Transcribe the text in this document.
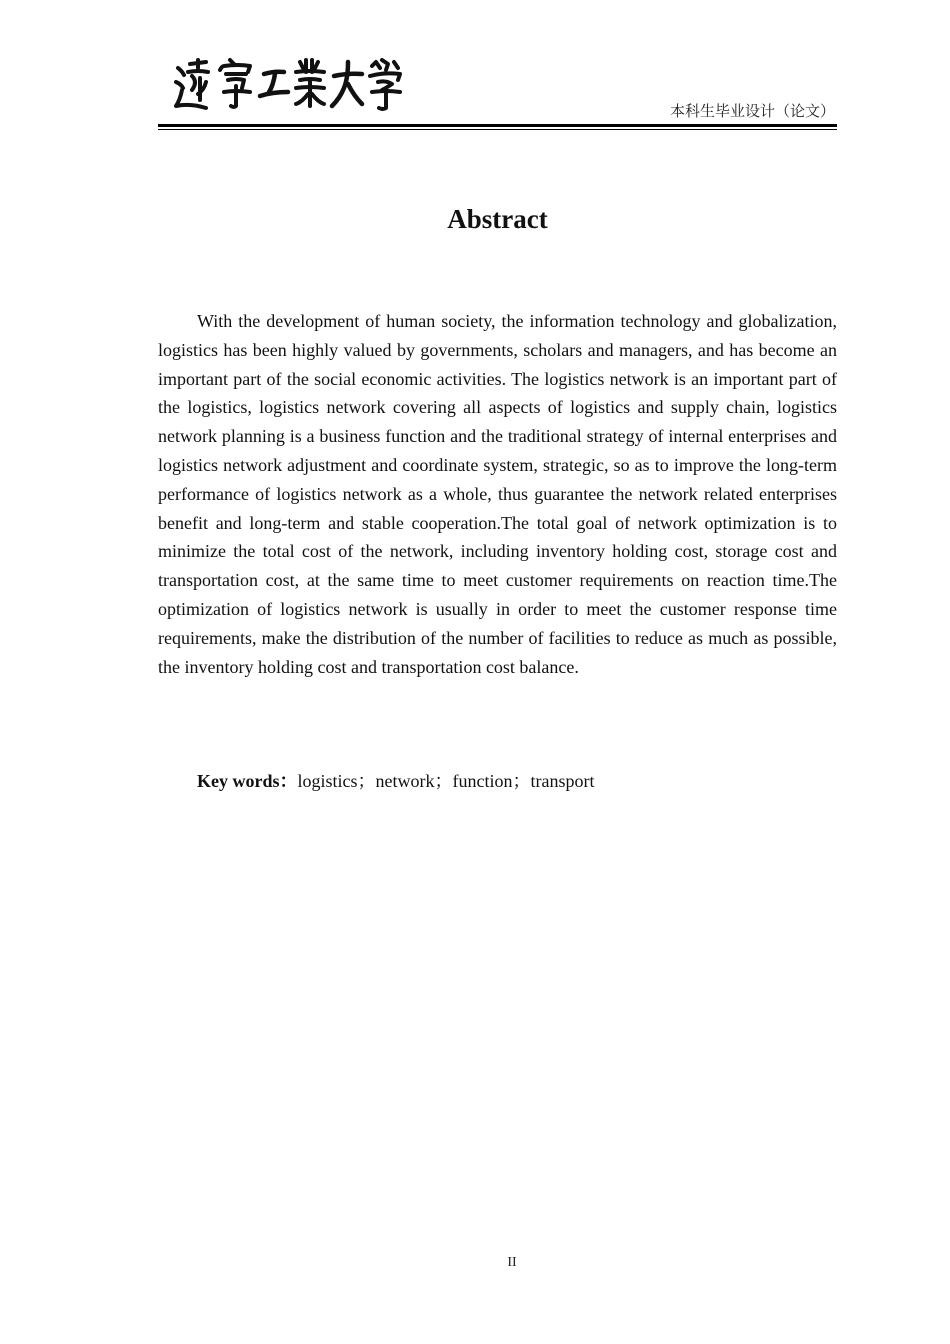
本科生毕业设计（论文）
Abstract

With the development of human society, the information technology and globalization, logistics has been highly valued by governments, scholars and managers, and has become an important part of the social economic activities. The logistics network is an important part of the logistics, logistics network covering all aspects of logistics and supply chain, logistics network planning is a business function and the traditional strategy of internal enterprises and logistics network adjustment and coordinate system, strategic, so as to improve the long-term performance of logistics network as a whole, thus guarantee the network related enterprises benefit and long-term and stable cooperation.The total goal of network optimization is to minimize the total cost of the network, including inventory holding cost, storage cost and transportation cost, at the same time to meet customer requirements on reaction time.The optimization of logistics network is usually in order to meet the customer response time requirements, make the distribution of the number of facilities to reduce as much as possible, the inventory holding cost and transportation cost balance.

Key words：logistics；network；function；transport
II
